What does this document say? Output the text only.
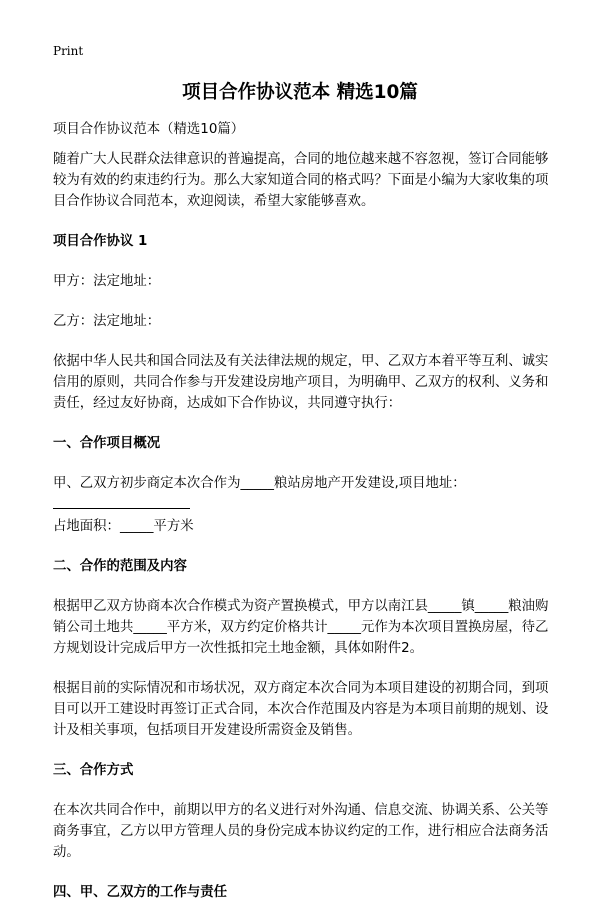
Print
项目合作协议范本 精选10篇

项目合作协议范本（精选10篇）

随着广大人民群众法律意识的普遍提高，合同的地位越来越不容忽视，签订合同能够较为有效的约束违约行为。那么大家知道合同的格式吗？下面是小编为大家收集的项目合作协议合同范本，欢迎阅读，希望大家能够喜欢。

项目合作协议 1

甲方：法定地址：

乙方：法定地址：

依据中华人民共和国合同法及有关法律法规的规定，甲、乙双方本着平等互利、诚实信用的原则，共同合作参与开发建设房地产项目，为明确甲、乙双方的权利、义务和责任，经过友好协商，达成如下合作协议，共同遵守执行：

一、合作项目概况

甲、乙双方初步商定本次合作为_____粮站房地产开发建设,项目地址：

占地面积：_____平方米

二、合作的范围及内容

根据甲乙双方协商本次合作模式为资产置换模式，甲方以南江县_____镇_____粮油购销公司土地共_____平方米，双方约定价格共计_____元作为本次项目置换房屋，待乙方规划设计完成后甲方一次性抵扣完土地金额，具体如附件2。

根据目前的实际情况和市场状况，双方商定本次合同为本项目建设的初期合同，到项目可以开工建设时再签订正式合同，本次合作范围及内容是为本项目前期的规划、设计及相关事项，包括项目开发建设所需资金及销售。

三、合作方式

在本次共同合作中，前期以甲方的名义进行对外沟通、信息交流、协调关系、公关等商务事宜，乙方以甲方管理人员的身份完成本协议约定的工作，进行相应合法商务活动。

四、甲、乙双方的工作与责任
